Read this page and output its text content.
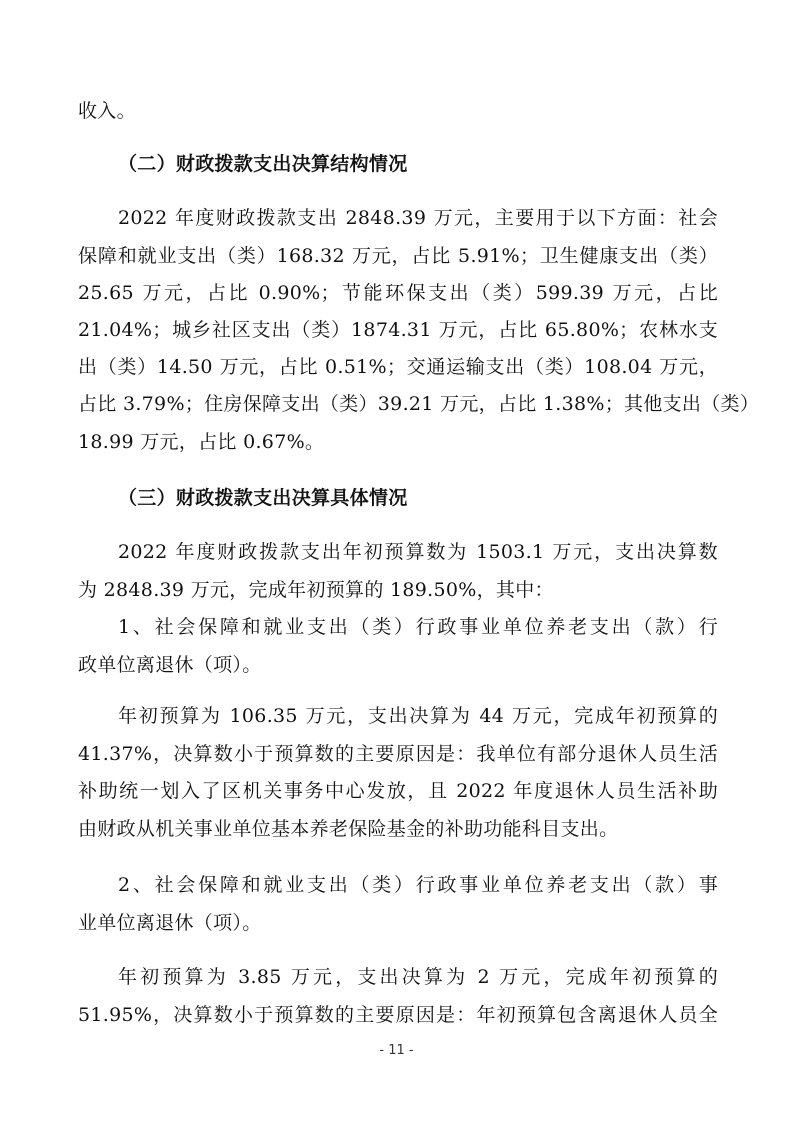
收入。
（二）财政拨款支出决算结构情况
2022 年度财政拨款支出 2848.39 万元，主要用于以下方面：社会
保障和就业支出（类）168.32 万元，占比 5.91%；卫生健康支出（类）
25.65 万元，占比 0.90%；节能环保支出（类）599.39 万元，占比
21.04%；城乡社区支出（类）1874.31 万元，占比 65.80%；农林水支
出（类）14.50 万元，占比 0.51%；交通运输支出（类）108.04 万元，
占比 3.79%；住房保障支出（类）39.21 万元，占比 1.38%；其他支出（类）
18.99 万元，占比 0.67%。
（三）财政拨款支出决算具体情况
2022 年度财政拨款支出年初预算数为 1503.1 万元，支出决算数
为 2848.39 万元，完成年初预算的 189.50%，其中：
1、社会保障和就业支出（类）行政事业单位养老支出（款）行
政单位离退休（项）。
年初预算为 106.35 万元，支出决算为 44 万元，完成年初预算的
41.37%，决算数小于预算数的主要原因是：我单位有部分退休人员生活
补助统一划入了区机关事务中心发放，且 2022 年度退休人员生活补助
由财政从机关事业单位基本养老保险基金的补助功能科目支出。
2、社会保障和就业支出（类）行政事业单位养老支出（款）事
业单位离退休（项）。
年初预算为 3.85 万元，支出决算为 2 万元，完成年初预算的
51.95%，决算数小于预算数的主要原因是：年初预算包含离退休人员全
- 11 -
